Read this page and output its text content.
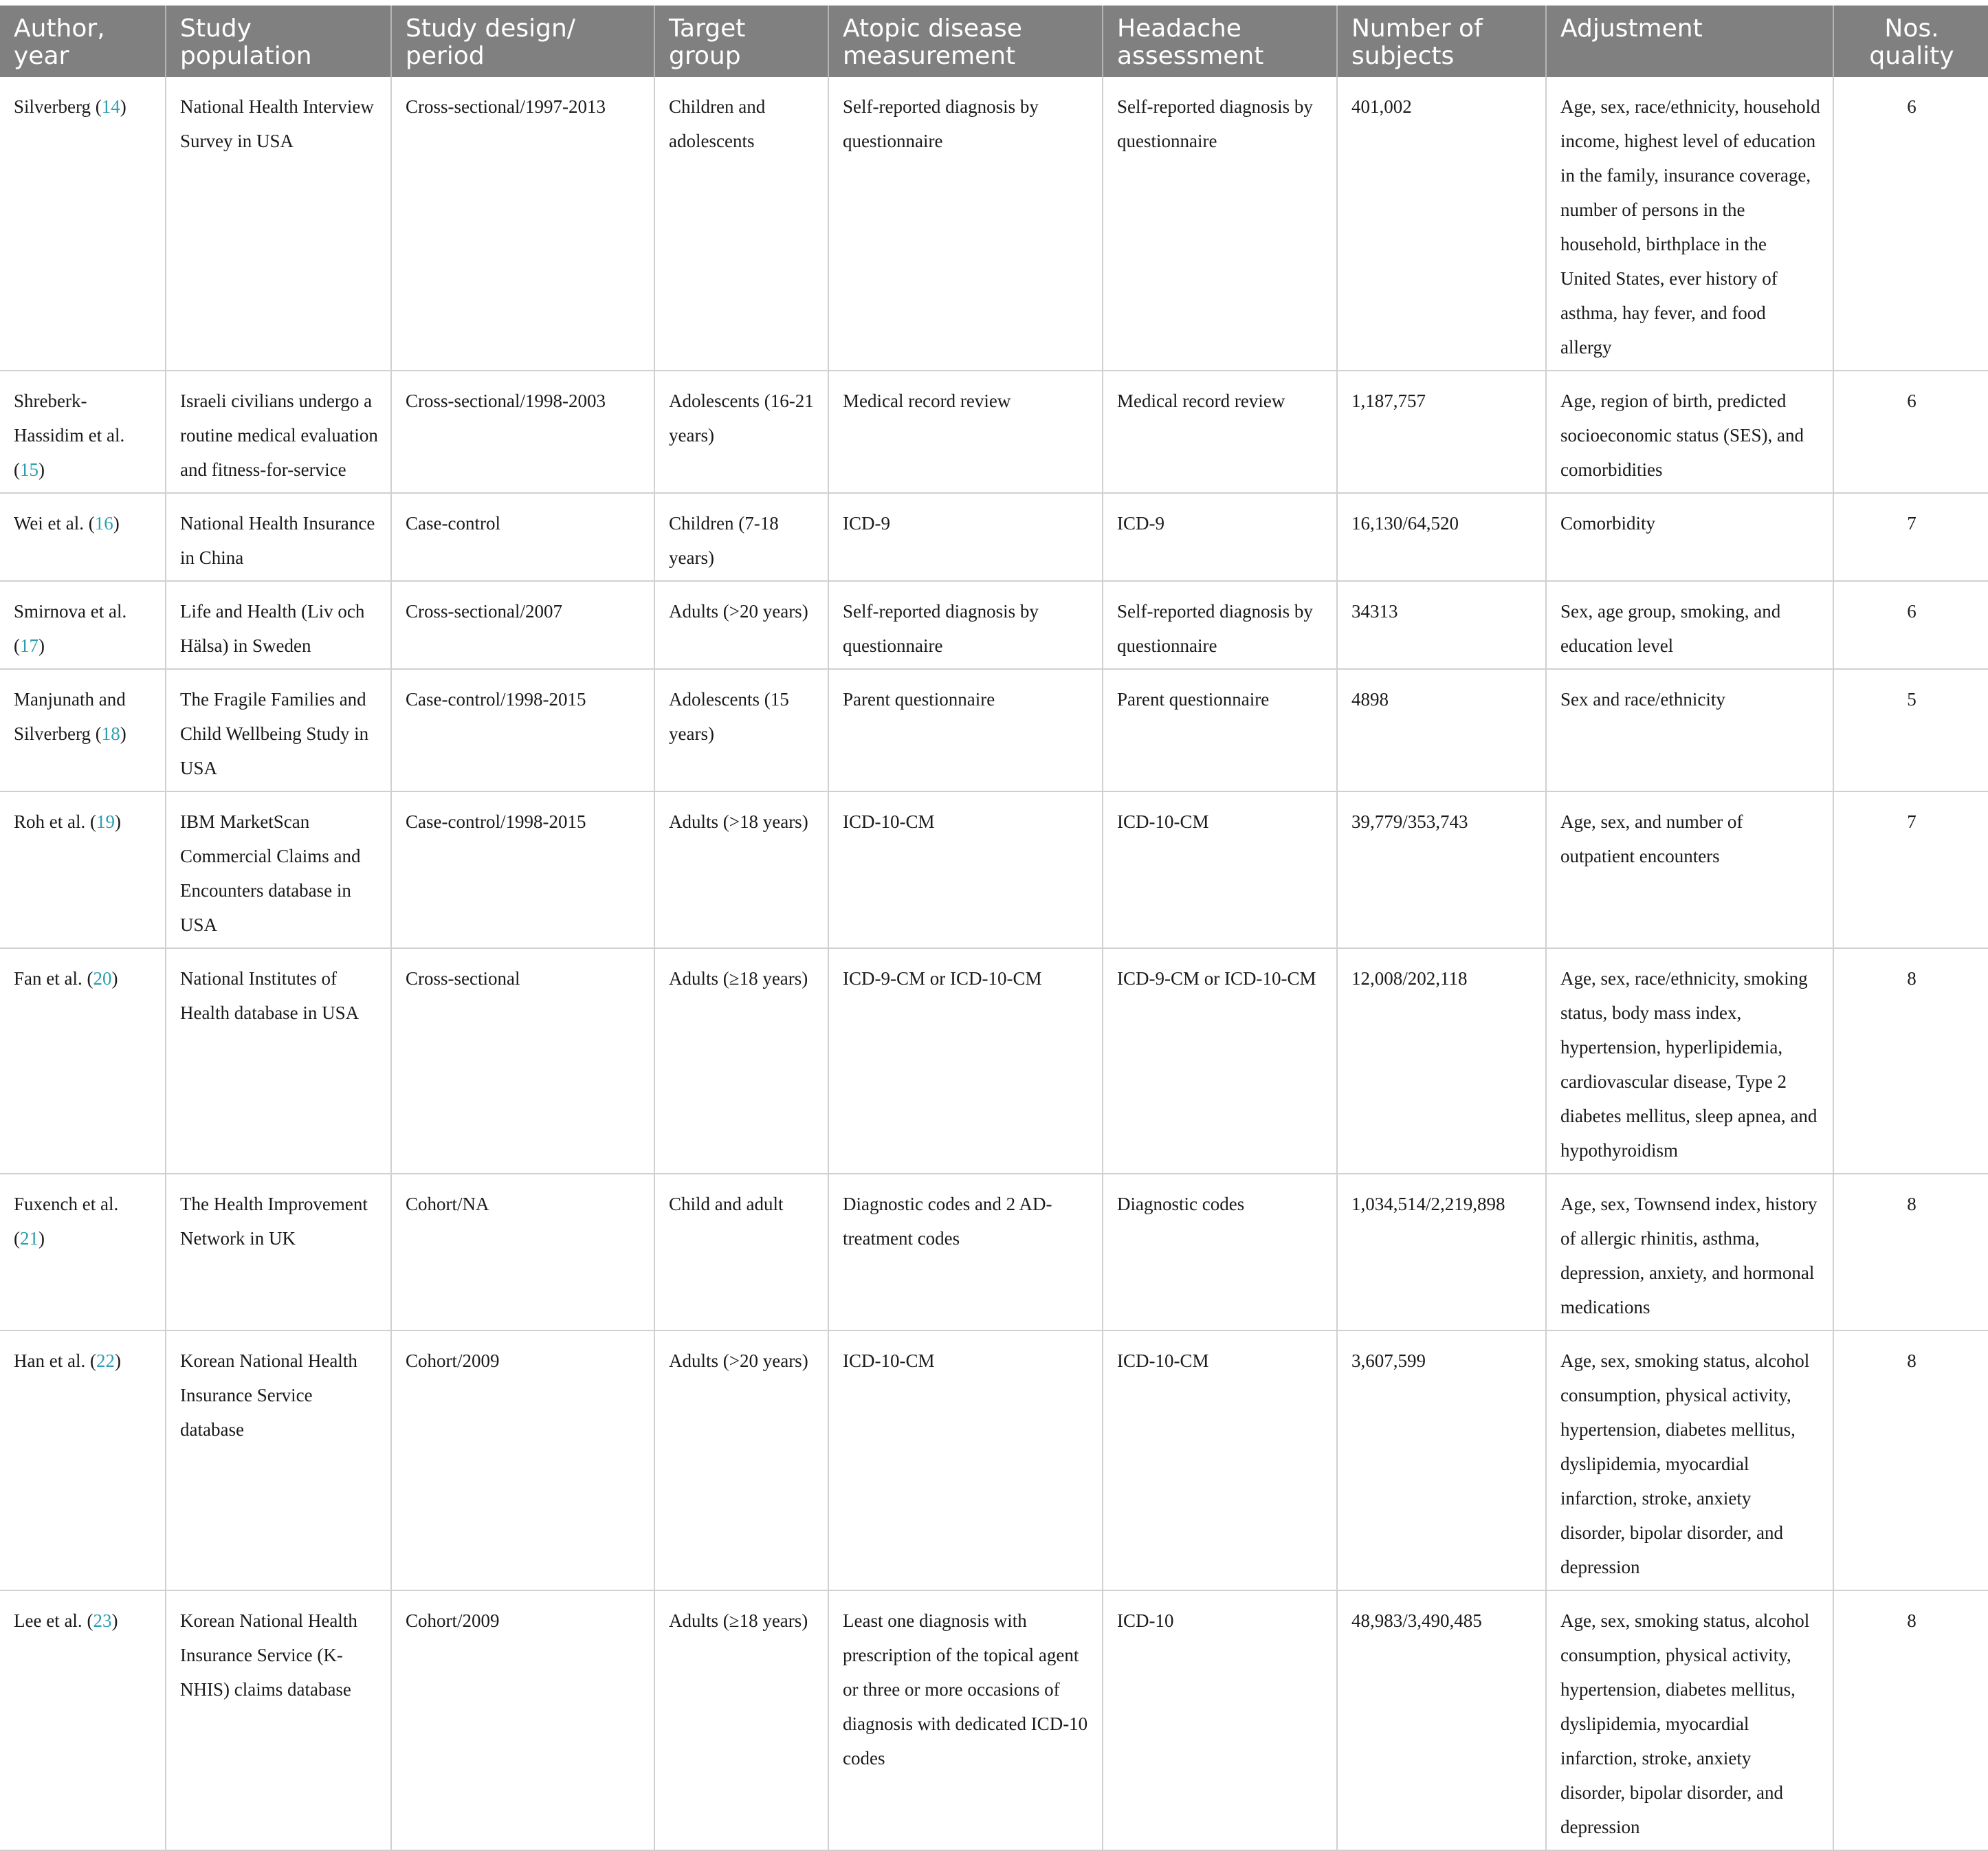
Author, year	Study population	Study design/ period	Target group	Atopic disease measurement	Headache assessment	Number of subjects	Adjustment	Nos. quality
Silverberg (14)	National Health Interview Survey in USA	Cross-sectional/1997-2013	Children and adolescents	Self-reported diagnosis by questionnaire	Self-reported diagnosis by questionnaire	401,002	Age, sex, race/ethnicity, household income, highest level of education in the family, insurance coverage, number of persons in the household, birthplace in the United States, ever history of asthma, hay fever, and food allergy	6
Shreberk-Hassidim et al. (15)	Israeli civilians undergo a routine medical evaluation and fitness-for-service	Cross-sectional/1998-2003	Adolescents (16-21 years)	Medical record review	Medical record review	1,187,757	Age, region of birth, predicted socioeconomic status (SES), and comorbidities	6
Wei et al. (16)	National Health Insurance in China	Case-control	Children (7-18 years)	ICD-9	ICD-9	16,130/64,520	Comorbidity	7
Smirnova et al. (17)	Life and Health (Liv och Hälsa) in Sweden	Cross-sectional/2007	Adults (>20 years)	Self-reported diagnosis by questionnaire	Self-reported diagnosis by questionnaire	34313	Sex, age group, smoking, and education level	6
Manjunath and Silverberg (18)	The Fragile Families and Child Wellbeing Study in USA	Case-control/1998-2015	Adolescents (15 years)	Parent questionnaire	Parent questionnaire	4898	Sex and race/ethnicity	5
Roh et al. (19)	IBM MarketScan Commercial Claims and Encounters database in USA	Case-control/1998-2015	Adults (>18 years)	ICD-10-CM	ICD-10-CM	39,779/353,743	Age, sex, and number of outpatient encounters	7
Fan et al. (20)	National Institutes of Health database in USA	Cross-sectional	Adults (≥18 years)	ICD-9-CM or ICD-10-CM	ICD-9-CM or ICD-10-CM	12,008/202,118	Age, sex, race/ethnicity, smoking status, body mass index, hypertension, hyperlipidemia, cardiovascular disease, Type 2 diabetes mellitus, sleep apnea, and hypothyroidism	8
Fuxench et al. (21)	The Health Improvement Network in UK	Cohort/NA	Child and adult	Diagnostic codes and 2 AD-treatment codes	Diagnostic codes	1,034,514/2,219,898	Age, sex, Townsend index, history of allergic rhinitis, asthma, depression, anxiety, and hormonal medications	8
Han et al. (22)	Korean National Health Insurance Service database	Cohort/2009	Adults (>20 years)	ICD-10-CM	ICD-10-CM	3,607,599	Age, sex, smoking status, alcohol consumption, physical activity, hypertension, diabetes mellitus, dyslipidemia, myocardial infarction, stroke, anxiety disorder, bipolar disorder, and depression	8
Lee et al. (23)	Korean National Health Insurance Service (K-NHIS) claims database	Cohort/2009	Adults (≥18 years)	Least one diagnosis with prescription of the topical agent or three or more occasions of diagnosis with dedicated ICD-10 codes	ICD-10	48,983/3,490,485	Age, sex, smoking status, alcohol consumption, physical activity, hypertension, diabetes mellitus, dyslipidemia, myocardial infarction, stroke, anxiety disorder, bipolar disorder, and depression	8
